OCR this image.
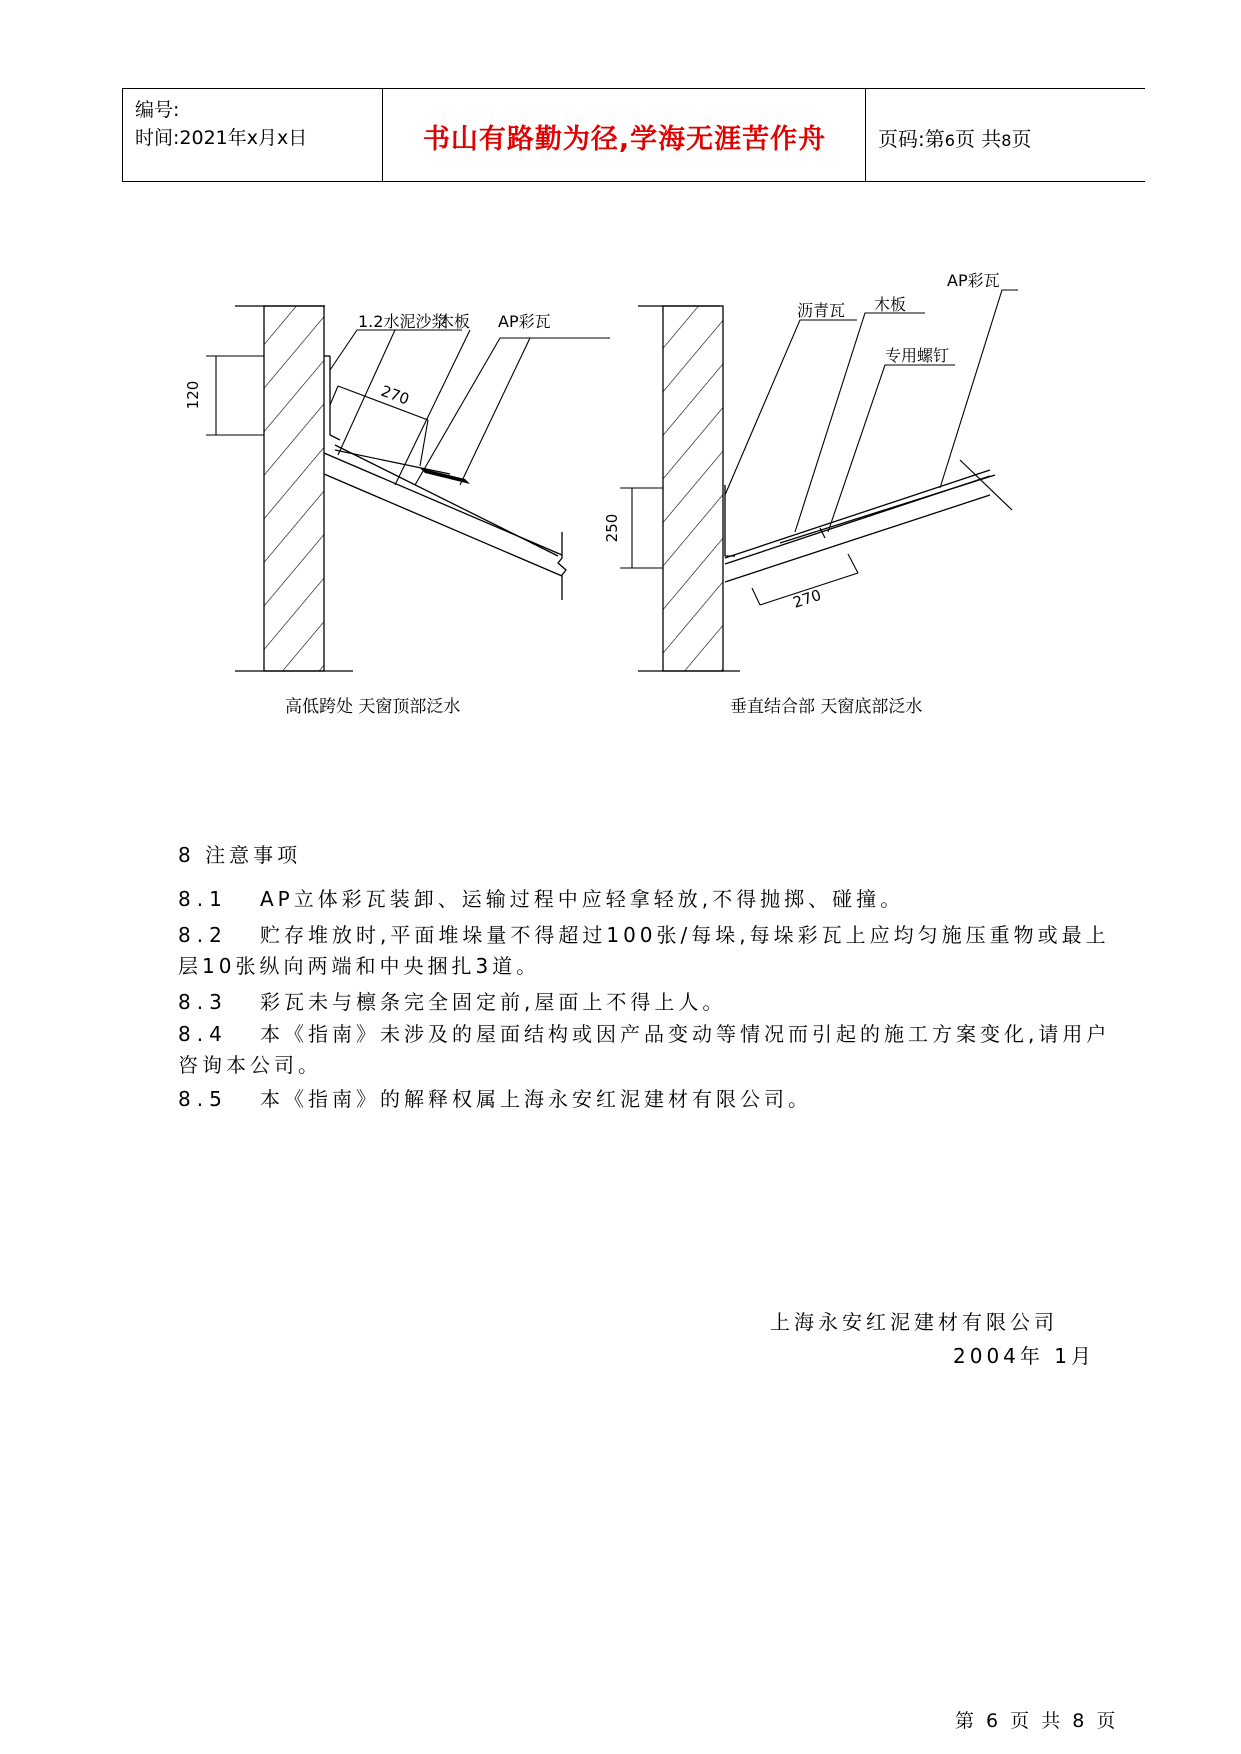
编号:
时间:2021年x月x日	书山有路勤为径,学海无涯苦作舟	页码:第6页 共8页
120	270
1.2水泥沙浆
木板 AP彩瓦
250
270
沥青瓦 木板
专用螺钉
AP彩瓦
高低跨处 天窗顶部泛水	垂直结合部 天窗底部泛水
8 注意事项
8.1 AP立体彩瓦装卸、运输过程中应轻拿轻放,不得抛掷、碰撞。
8.2 贮存堆放时,平面堆垛量不得超过100张/每垛,每垛彩瓦上应均匀施压重物或最上层10张纵向两端和中央捆扎3道。
8.3 彩瓦未与檩条完全固定前,屋面上不得上人。
8.4 本《指南》未涉及的屋面结构或因产品变动等情况而引起的施工方案变化,请用户咨询本公司。
8.5 本《指南》的解释权属上海永安红泥建材有限公司。
上海永安红泥建材有限公司
2004年 1月
第 6 页 共 8 页
